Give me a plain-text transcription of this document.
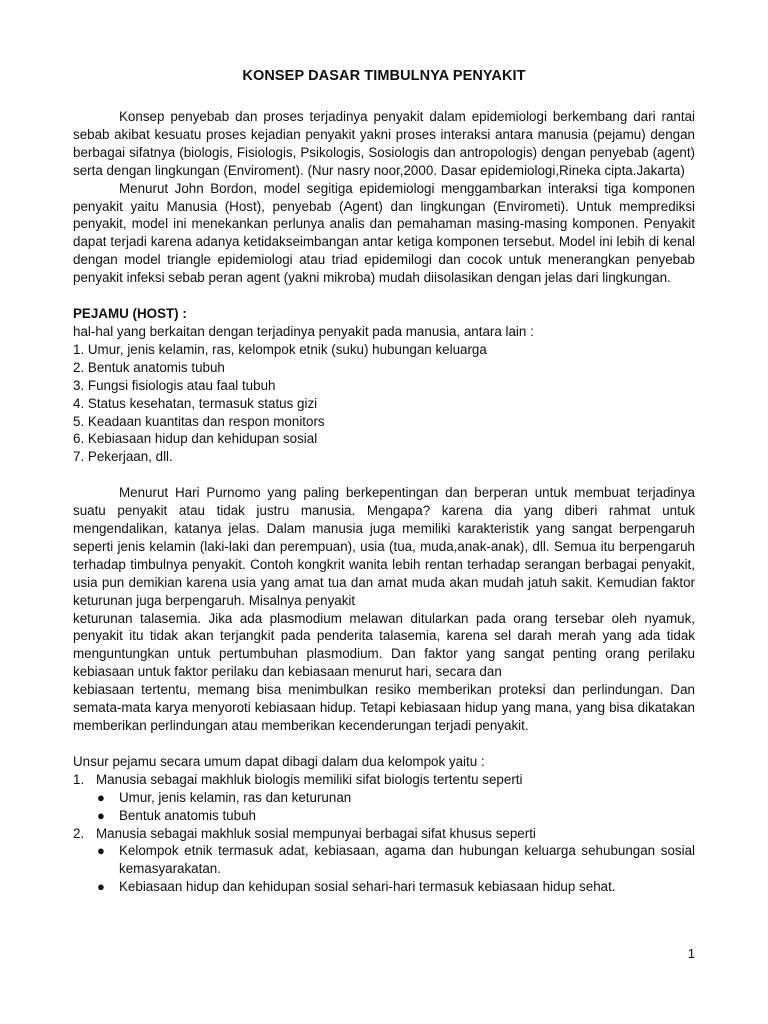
KONSEP DASAR TIMBULNYA PENYAKIT

Konsep penyebab dan proses terjadinya penyakit dalam epidemiologi berkembang dari rantai sebab akibat kesuatu proses kejadian penyakit yakni proses interaksi antara manusia (pejamu) dengan berbagai sifatnya (biologis, Fisiologis, Psikologis, Sosiologis dan antropologis) dengan penyebab (agent) serta dengan lingkungan (Enviroment). (Nur nasry noor,2000. Dasar epidemiologi,Rineka cipta.Jakarta)

Menurut John Bordon, model segitiga epidemiologi menggambarkan interaksi tiga komponen penyakit yaitu Manusia (Host), penyebab (Agent) dan lingkungan (Envirometi). Untuk memprediksi penyakit, model ini menekankan perlunya analis dan pemahaman masing-masing komponen. Penyakit dapat terjadi karena adanya ketidakseimbangan antar ketiga komponen tersebut. Model ini lebih di kenal dengan model triangle epidemiologi atau triad epidemilogi dan cocok untuk menerangkan penyebab penyakit infeksi sebab peran agent (yakni mikroba) mudah diisolasikan dengan jelas dari lingkungan.

PEJAMU (HOST) :

hal-hal yang berkaitan dengan terjadinya penyakit pada manusia, antara lain :

1. Umur, jenis kelamin, ras, kelompok etnik (suku) hubungan keluarga

2. Bentuk anatomis tubuh

3. Fungsi fisiologis atau faal tubuh

4. Status kesehatan, termasuk status gizi

5. Keadaan kuantitas dan respon monitors

6. Kebiasaan hidup dan kehidupan sosial

7. Pekerjaan, dll.

Menurut Hari Purnomo yang paling berkepentingan dan berperan untuk membuat terjadinya suatu penyakit atau tidak justru manusia. Mengapa? karena dia yang diberi rahmat untuk mengendalikan, katanya jelas. Dalam manusia juga memiliki karakteristik yang sangat berpengaruh seperti jenis kelamin (laki-laki dan perempuan), usia (tua, muda,anak-anak), dll. Semua itu berpengaruh terhadap timbulnya penyakit. Contoh kongkrit wanita lebih rentan terhadap serangan berbagai penyakit, usia pun demikian karena usia yang amat tua dan amat muda akan mudah jatuh sakit. Kemudian faktor keturunan juga berpengaruh. Misalnya penyakit

keturunan talasemia. Jika ada plasmodium melawan ditularkan pada orang tersebar oleh nyamuk, penyakit itu tidak akan terjangkit pada penderita talasemia, karena sel darah merah yang ada tidak menguntungkan untuk pertumbuhan plasmodium. Dan faktor yang sangat penting orang perilaku kebiasaan untuk faktor perilaku dan kebiasaan menurut hari, secara dan

kebiasaan tertentu, memang bisa menimbulkan resiko memberikan proteksi dan perlindungan. Dan semata-mata karya menyoroti kebiasaan hidup. Tetapi kebiasaan hidup yang mana, yang bisa dikatakan memberikan perlindungan atau memberikan kecenderungan terjadi penyakit.

Unsur pejamu secara umum dapat dibagi dalam dua kelompok yaitu :

1. Manusia sebagai makhluk biologis memiliki sifat biologis tertentu seperti
● Umur, jenis kelamin, ras dan keturunan
● Bentuk anatomis tubuh
2. Manusia sebagai makhluk sosial mempunyai berbagai sifat khusus seperti
● Kelompok etnik termasuk adat, kebiasaan, agama dan hubungan keluarga sehubungan sosial kemasyarakatan.
● Kebiasaan hidup dan kehidupan sosial sehari-hari termasuk kebiasaan hidup sehat.
1
